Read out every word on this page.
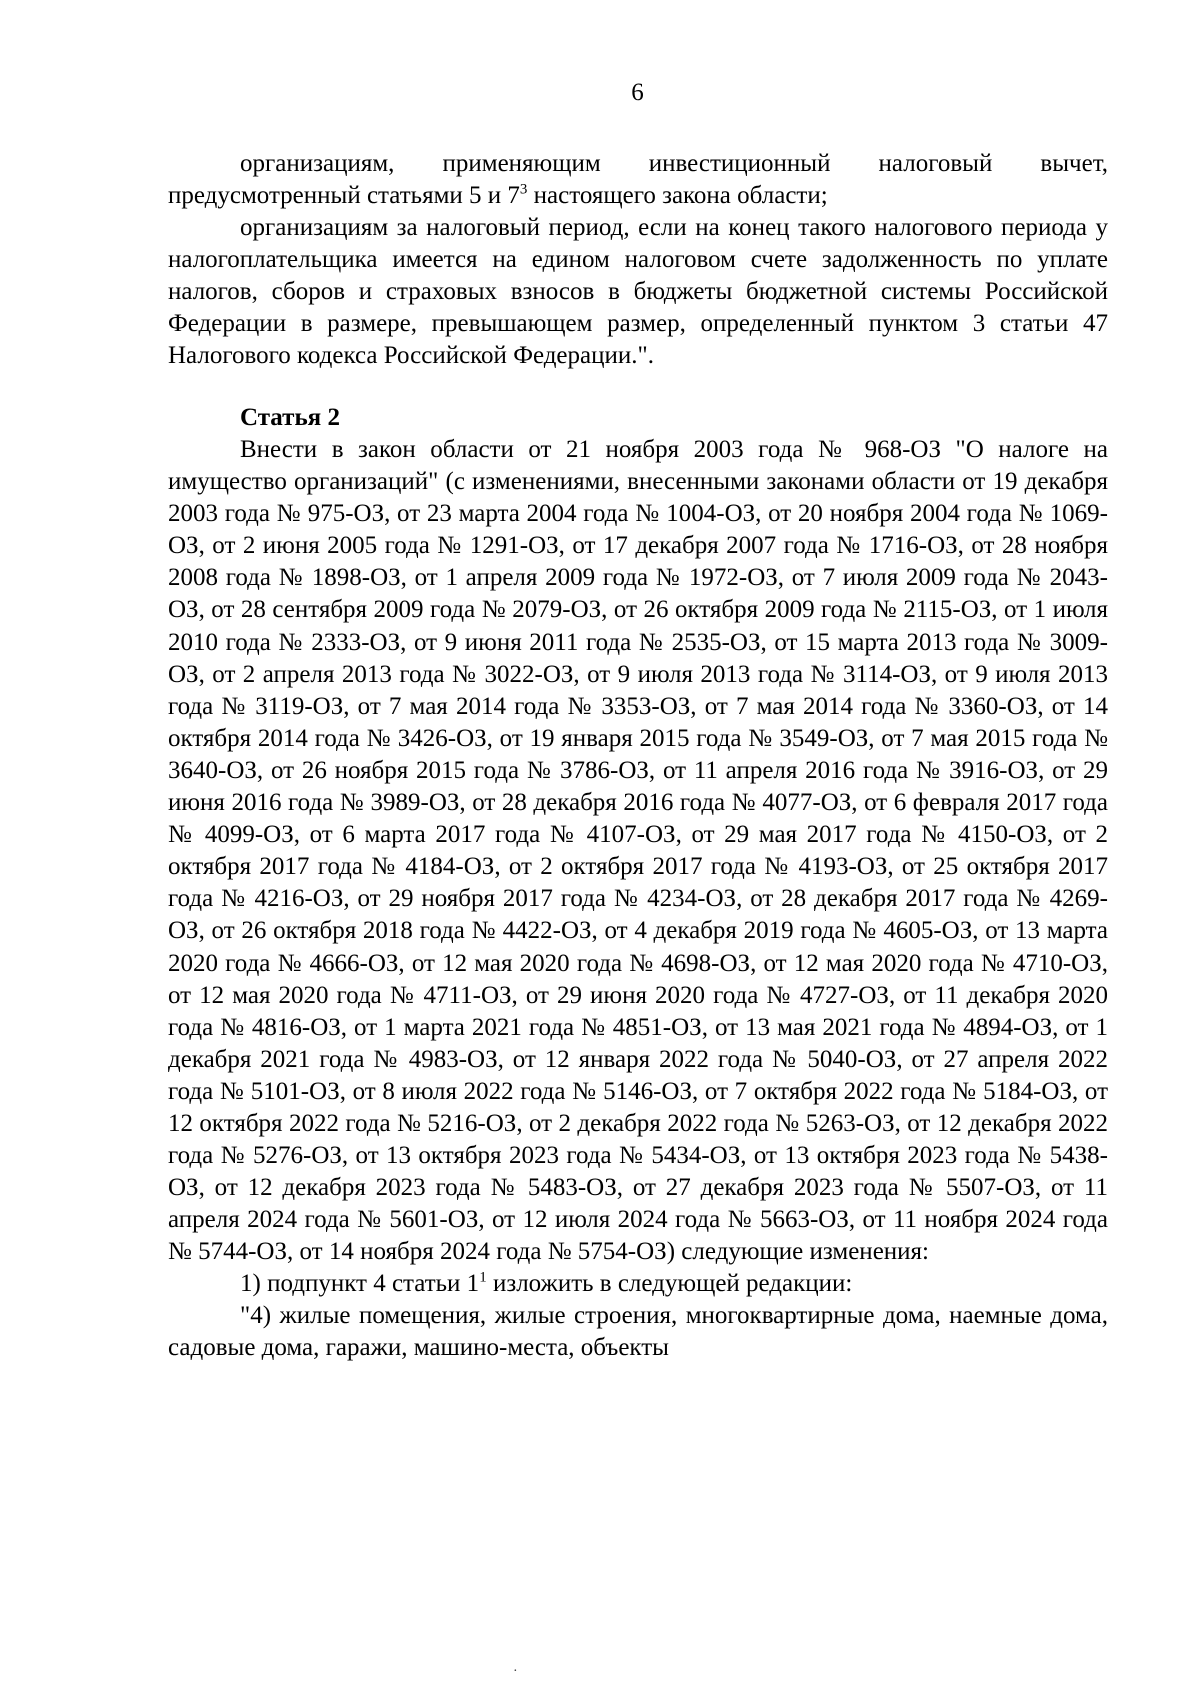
6

организациям, применяющим инвестиционный налоговый вычет, предусмотренный статьями 5 и $7^3$ настоящего закона области;

организациям за налоговый период, если на конец такого налогового периода у налогоплательщика имеется на едином налоговом счете задолженность по уплате налогов, сборов и страховых взносов в бюджеты бюджетной системы Российской Федерации в размере, превышающем размер, определенный пунктом 3 статьи 47 Налогового кодекса Российской Федерации.".

Статья 2

Внести в закон области от 21 ноября 2003 года № 968-ОЗ "О налоге на имущество организаций" (с изменениями, внесенными законами области от 19 декабря 2003 года № 975-ОЗ, от 23 марта 2004 года № 1004-ОЗ, от 20 ноября 2004 года № 1069-ОЗ, от 2 июня 2005 года № 1291-ОЗ, от 17 декабря 2007 года № 1716-ОЗ, от 28 ноября 2008 года № 1898-ОЗ, от 1 апреля 2009 года № 1972-ОЗ, от 7 июля 2009 года № 2043-ОЗ, от 28 сентября 2009 года № 2079-ОЗ, от 26 октября 2009 года № 2115-ОЗ, от 1 июля 2010 года № 2333-ОЗ, от 9 июня 2011 года № 2535-ОЗ, от 15 марта 2013 года № 3009-ОЗ, от 2 апреля 2013 года № 3022-ОЗ, от 9 июля 2013 года № 3114-ОЗ, от 9 июля 2013 года № 3119-ОЗ, от 7 мая 2014 года № 3353-ОЗ, от 7 мая 2014 года № 3360-ОЗ, от 14 октября 2014 года № 3426-ОЗ, от 19 января 2015 года № 3549-ОЗ, от 7 мая 2015 года № 3640-ОЗ, от 26 ноября 2015 года № 3786-ОЗ, от 11 апреля 2016 года № 3916-ОЗ, от 29 июня 2016 года № 3989-ОЗ, от 28 декабря 2016 года № 4077-ОЗ, от 6 февраля 2017 года № 4099-ОЗ, от 6 марта 2017 года № 4107-ОЗ, от 29 мая 2017 года № 4150-ОЗ, от 2 октября 2017 года № 4184-ОЗ, от 2 октября 2017 года № 4193-ОЗ, от 25 октября 2017 года № 4216-ОЗ, от 29 ноября 2017 года № 4234-ОЗ, от 28 декабря 2017 года № 4269-ОЗ, от 26 октября 2018 года № 4422-ОЗ, от 4 декабря 2019 года № 4605-ОЗ, от 13 марта 2020 года № 4666-ОЗ, от 12 мая 2020 года № 4698-ОЗ, от 12 мая 2020 года № 4710-ОЗ, от 12 мая 2020 года № 4711-ОЗ, от 29 июня 2020 года № 4727-ОЗ, от 11 декабря 2020 года № 4816-ОЗ, от 1 марта 2021 года № 4851-ОЗ, от 13 мая 2021 года № 4894-ОЗ, от 1 декабря 2021 года № 4983-ОЗ, от 12 января 2022 года № 5040-ОЗ, от 27 апреля 2022 года № 5101-ОЗ, от 8 июля 2022 года № 5146-ОЗ, от 7 октября 2022 года № 5184-ОЗ, от 12 октября 2022 года № 5216-ОЗ, от 2 декабря 2022 года № 5263-ОЗ, от 12 декабря 2022 года № 5276-ОЗ, от 13 октября 2023 года № 5434-ОЗ, от 13 октября 2023 года № 5438-ОЗ, от 12 декабря 2023 года № 5483-ОЗ, от 27 декабря 2023 года № 5507-ОЗ, от 11 апреля 2024 года № 5601-ОЗ, от 12 июля 2024 года № 5663-ОЗ, от 11 ноября 2024 года № 5744-ОЗ, от 14 ноября 2024 года № 5754-ОЗ) следующие изменения:

1) подпункт 4 статьи $1^1$ изложить в следующей редакции:

"4) жилые помещения, жилые строения, многоквартирные дома, наемные дома, садовые дома, гаражи, машино-места, объекты

·
